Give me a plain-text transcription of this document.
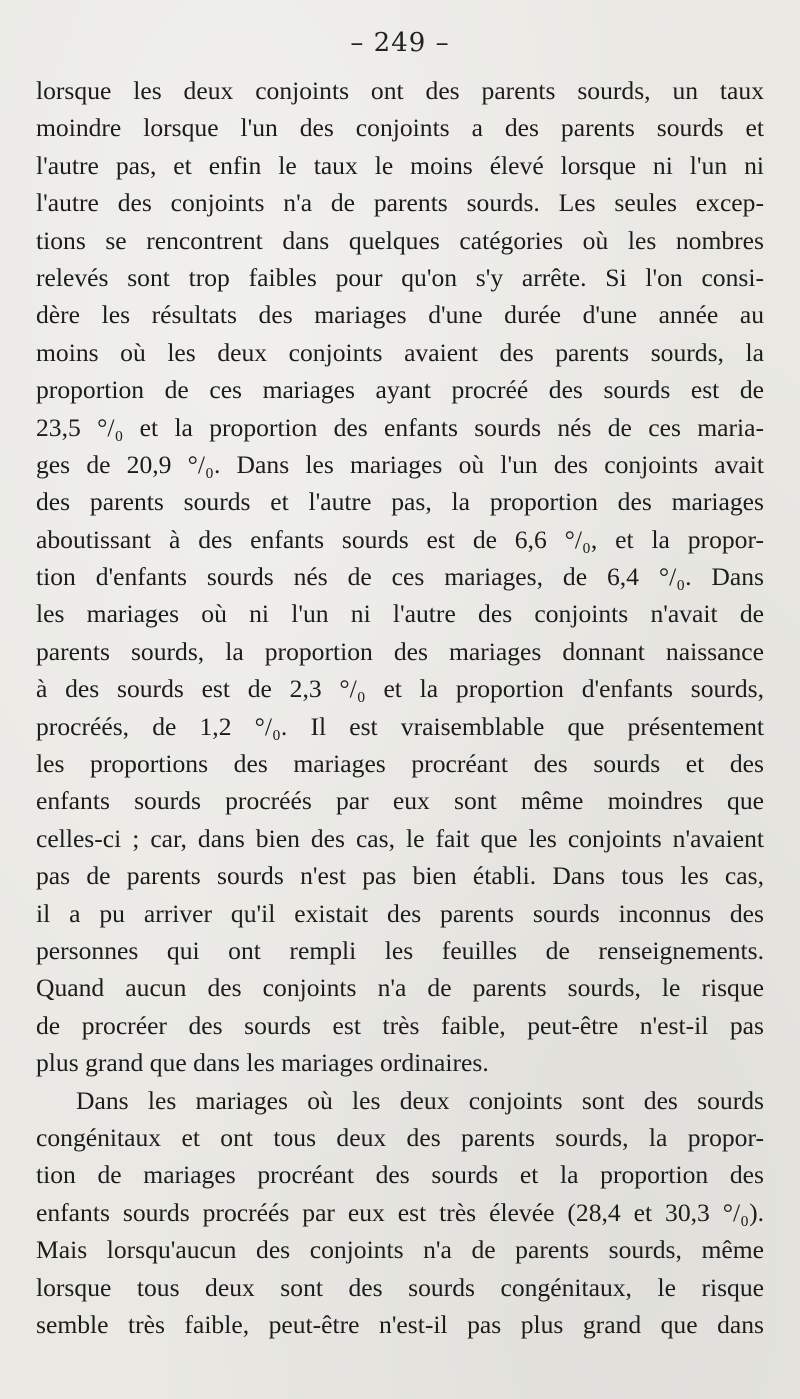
– 249 –
lorsque les deux conjoints ont des parents sourds, un taux
moindre lorsque l'un des conjoints a des parents sourds et
l'autre pas, et enfin le taux le moins élevé lorsque ni l'un ni
l'autre des conjoints n'a de parents sourds. Les seules excep-
tions se rencontrent dans quelques catégories où les nombres
relevés sont trop faibles pour qu'on s'y arrête. Si l'on consi-
dère les résultats des mariages d'une durée d'une année au
moins où les deux conjoints avaient des parents sourds, la
proportion de ces mariages ayant procréé des sourds est de
23,5 °/₀ et la proportion des enfants sourds nés de ces maria-
ges de 20,9 °/₀. Dans les mariages où l'un des conjoints avait
des parents sourds et l'autre pas, la proportion des mariages
aboutissant à des enfants sourds est de 6,6 °/₀, et la propor-
tion d'enfants sourds nés de ces mariages, de 6,4 °/₀. Dans
les mariages où ni l'un ni l'autre des conjoints n'avait de
parents sourds, la proportion des mariages donnant naissance
à des sourds est de 2,3 °/₀ et la proportion d'enfants sourds,
procréés, de 1,2 °/₀. Il est vraisemblable que présentement
les proportions des mariages procréant des sourds et des
enfants sourds procréés par eux sont même moindres que
celles-ci ; car, dans bien des cas, le fait que les conjoints n'avaient
pas de parents sourds n'est pas bien établi. Dans tous les cas,
il a pu arriver qu'il existait des parents sourds inconnus des
personnes qui ont rempli les feuilles de renseignements.
Quand aucun des conjoints n'a de parents sourds, le risque
de procréer des sourds est très faible, peut-être n'est-il pas
plus grand que dans les mariages ordinaires.
Dans les mariages où les deux conjoints sont des sourds
congénitaux et ont tous deux des parents sourds, la propor-
tion de mariages procréant des sourds et la proportion des
enfants sourds procréés par eux est très élevée (28,4 et 30,3 °/₀).
Mais lorsqu'aucun des conjoints n'a de parents sourds, même
lorsque tous deux sont des sourds congénitaux, le risque
semble très faible, peut-être n'est-il pas plus grand que dans
